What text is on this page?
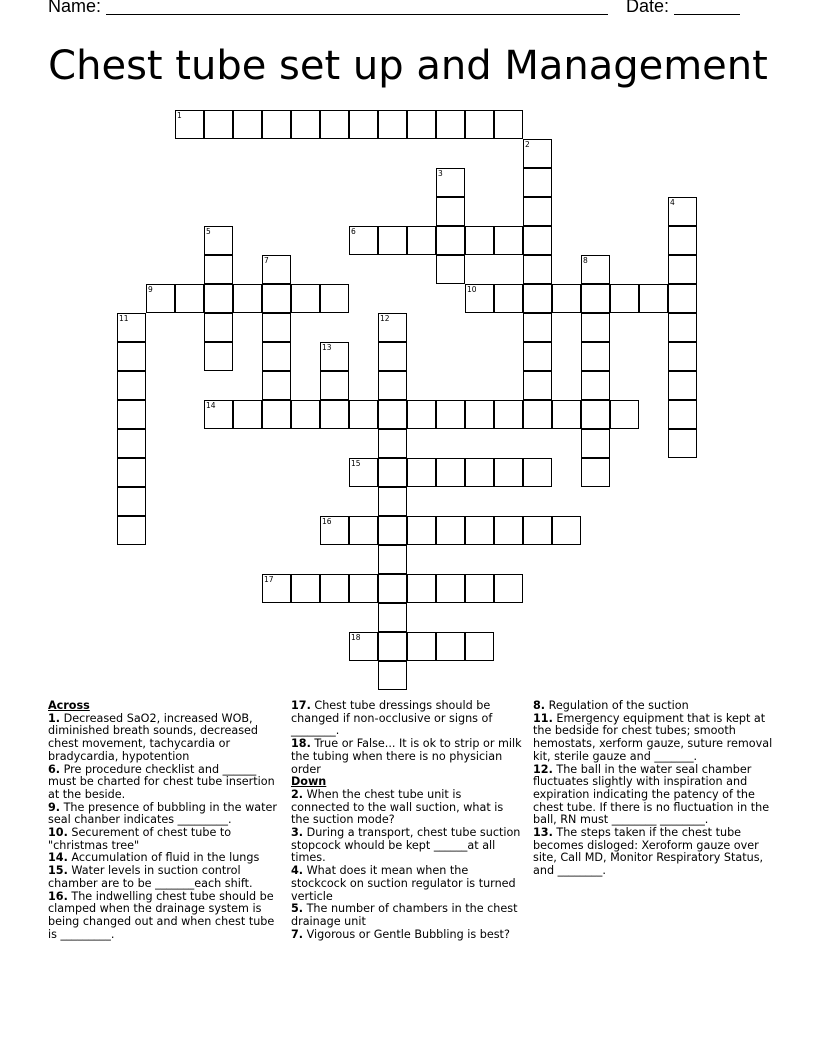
Name:	Date:
Chest tube set up and Management
1
6
9	10
14
15
16
17
18
2
3
4
5
7	8
11	12
13
Across
1. Decreased SaO2, increased WOB, diminished breath sounds, decreased chest movement, tachycardia or bradycardia, hypotention
6. Pre procedure checklist and ______ must be charted for chest tube insertion at the beside.
9. The presence of bubbling in the water seal chanber indicates _________.
10. Securement of chest tube to "christmas tree"
14. Accumulation of fluid in the lungs
15. Water levels in suction control chamber are to be _______each shift.
16. The indwelling chest tube should be clamped when the drainage system is being changed out and when chest tube is _________.
17. Chest tube dressings should be changed if non-occlusive or signs of ________.
18. True or False... It is ok to strip or milk the tubing when there is no physician order
Down
2. When the chest tube unit is connected to the wall suction, what is the suction mode?
3. During a transport, chest tube suction stopcock whould be kept ______at all times.
4. What does it mean when the stockcock on suction regulator is turned verticle
5. The number of chambers in the chest drainage unit
7. Vigorous or Gentle Bubbling is best?
8. Regulation of the suction
11. Emergency equipment that is kept at the bedside for chest tubes; smooth hemostats, xerform gauze, suture removal kit, sterile gauze and _______.
12. The ball in the water seal chamber fluctuates slightly with inspiration and expiration indicating the patency of the chest tube. If there is no fluctuation in the ball, RN must ________ ________.
13. The steps taken if the chest tube becomes disloged: Xeroform gauze over site, Call MD, Monitor Respiratory Status, and ________.
